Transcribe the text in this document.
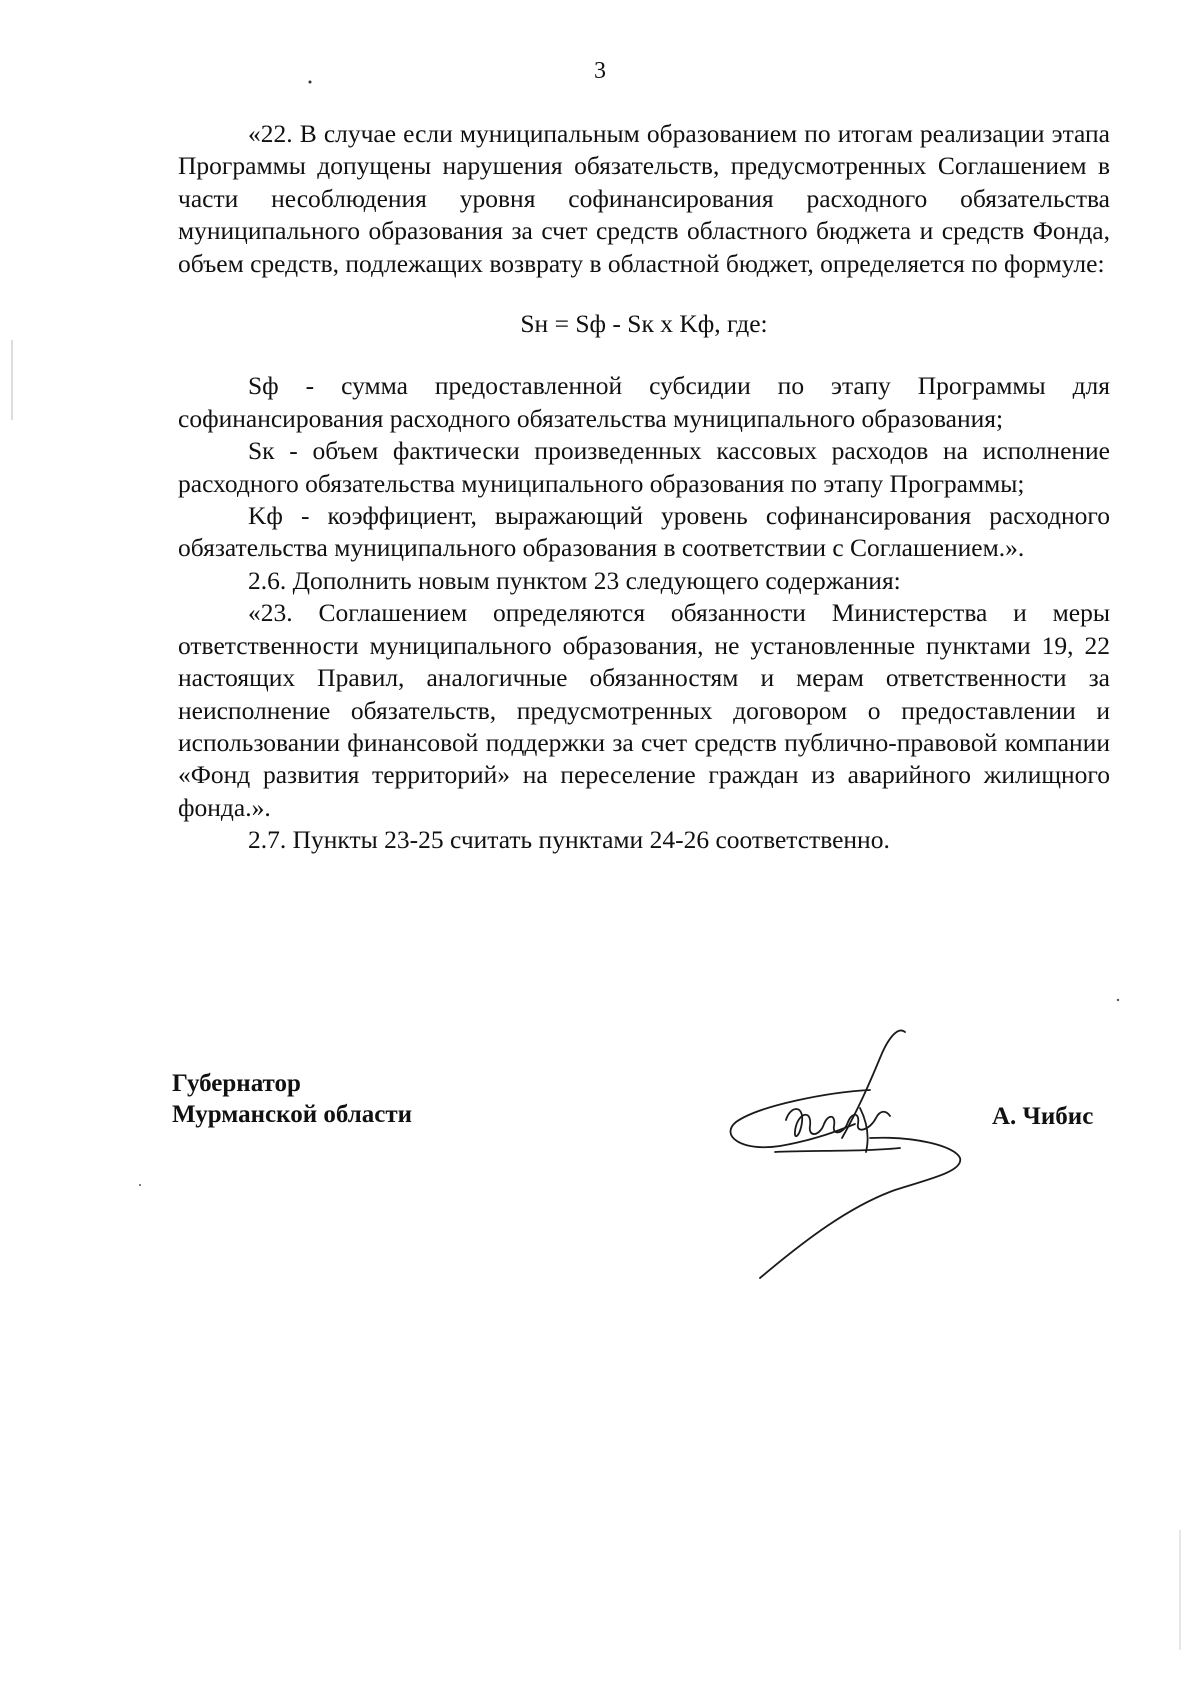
3

«22. В случае если муниципальным образованием по итогам реализации этапа Программы допущены нарушения обязательств, предусмотренных Соглашением в части несоблюдения уровня софинансирования расходного обязательства муниципального образования за счет средств областного бюджета и средств Фонда, объем средств, подлежащих возврату в областной бюджет, определяется по формуле:

Sн = Sф - Sк х Kф, где:

Sф - сумма предоставленной субсидии по этапу Программы для софинансирования расходного обязательства муниципального образования;

Sк - объем фактически произведенных кассовых расходов на исполнение расходного обязательства муниципального образования по этапу Программы;

Kф - коэффициент, выражающий уровень софинансирования расходного обязательства муниципального образования в соответствии с Соглашением.».

2.6. Дополнить новым пунктом 23 следующего содержания:

«23. Соглашением определяются обязанности Министерства и меры ответственности муниципального образования, не установленные пунктами 19, 22 настоящих Правил, аналогичные обязанностям и мерам ответственности за неисполнение обязательств, предусмотренных договором о предоставлении и использовании финансовой поддержки за счет средств публично-правовой компании «Фонд развития территорий» на переселение граждан из аварийного жилищного фонда.».

2.7. Пункты 23-25 считать пунктами 24-26 соответственно.

Губернатор
Мурманской области	А. Чибис
